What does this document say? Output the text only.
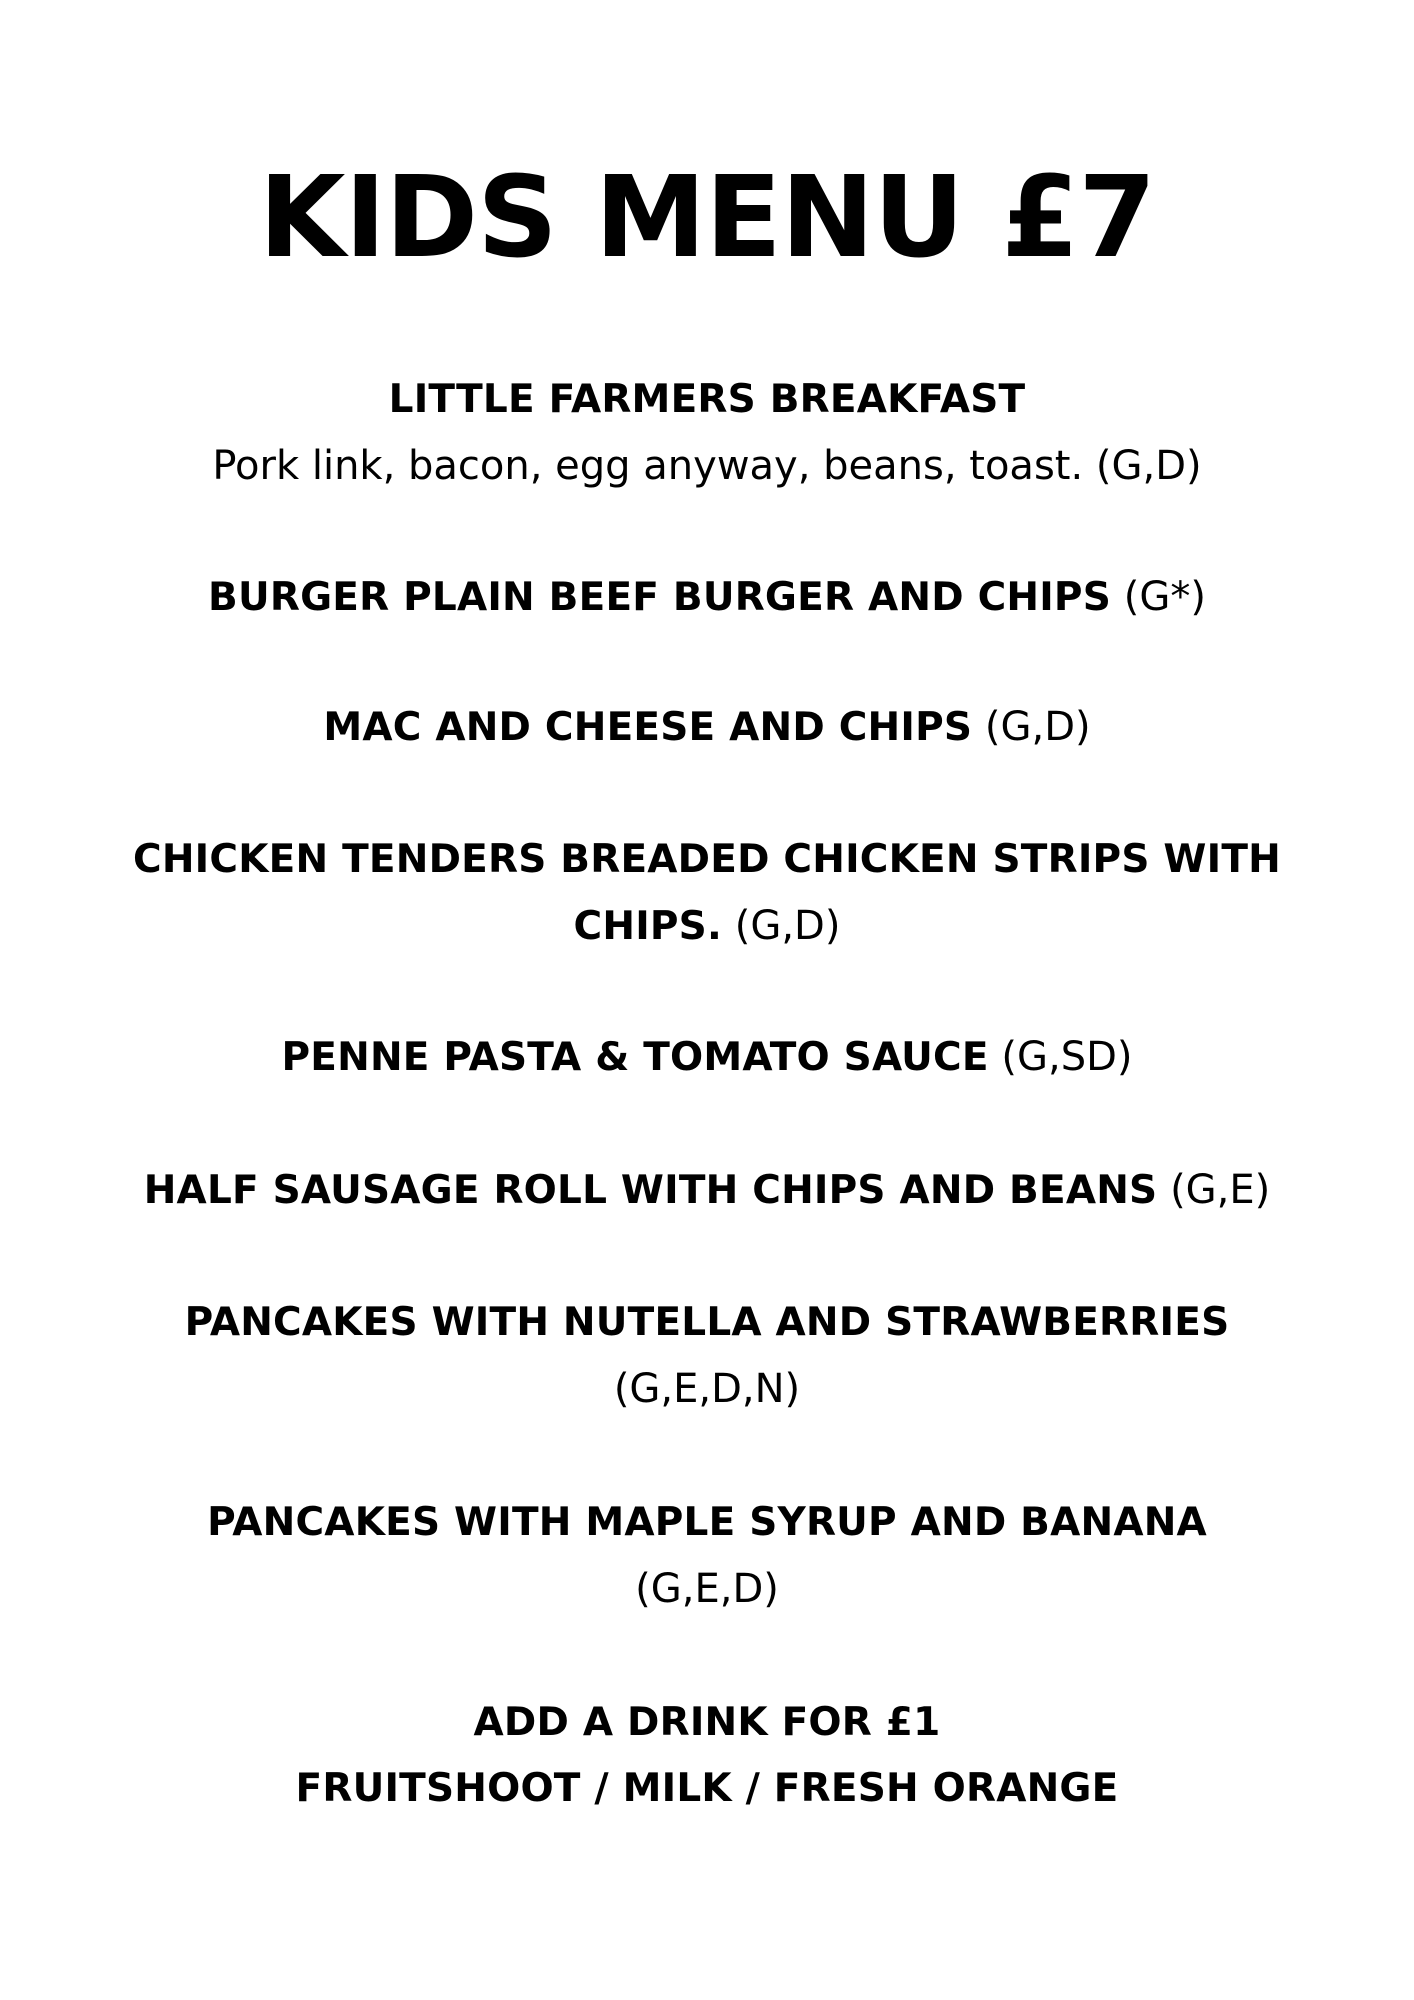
KIDS MENU £7
LITTLE FARMERS BREAKFAST
Pork link, bacon, egg anyway, beans, toast. (G,D)
BURGER PLAIN BEEF BURGER AND CHIPS (G*)
MAC AND CHEESE AND CHIPS (G,D)
CHICKEN TENDERS BREADED CHICKEN STRIPS WITH
CHIPS. (G,D)
PENNE PASTA & TOMATO SAUCE (G,SD)
HALF SAUSAGE ROLL WITH CHIPS AND BEANS (G,E)
PANCAKES WITH NUTELLA AND STRAWBERRIES
(G,E,D,N)
PANCAKES WITH MAPLE SYRUP AND BANANA
(G,E,D)
ADD A DRINK FOR £1
FRUITSHOOT / MILK / FRESH ORANGE
